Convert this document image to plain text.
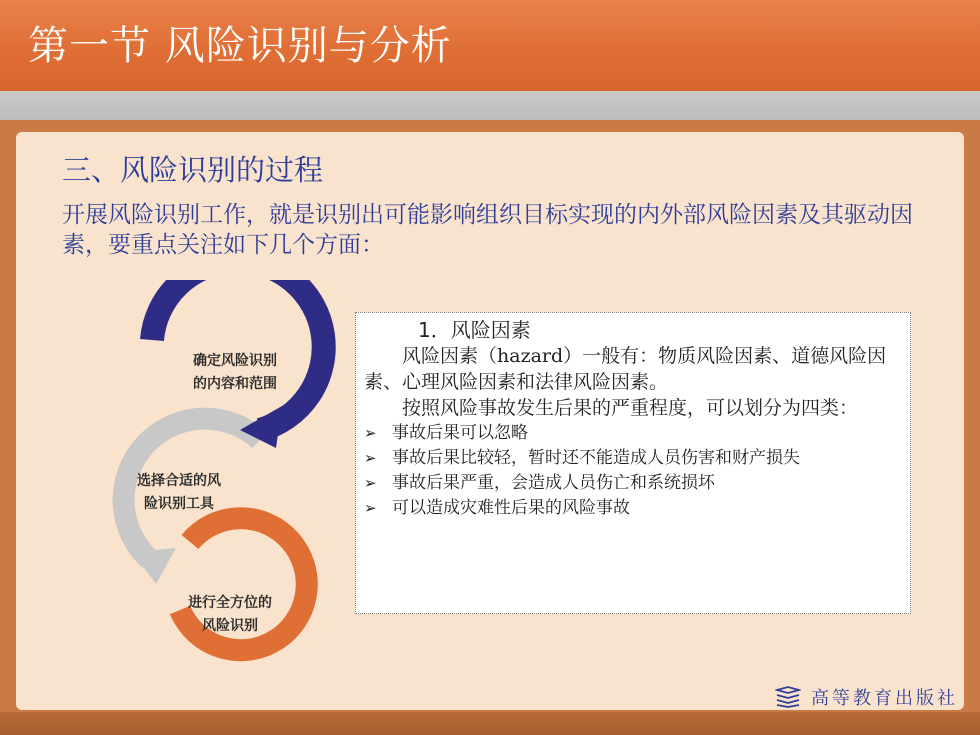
第一节 风险识别与分析
三、风险识别的过程
开展风险识别工作，就是识别出可能影响组织目标实现的内外部风险因素及其驱动因素，要重点关注如下几个方面：
确定风险识别
的内容和范围
选择合适的风
险识别工具
进行全方位的
风险识别
1．风险因素

风险因素（hazard）一般有：物质风险因素、道德风险因素、心理风险因素和法律风险因素。

按照风险事故发生后果的严重程度，可以划分为四类：

➢ 事故后果可以忽略
➢ 事故后果比较轻，暂时还不能造成人员伤害和财产损失
➢ 事故后果严重，会造成人员伤亡和系统损坏
➢ 可以造成灾难性后果的风险事故
高等教育出版社
